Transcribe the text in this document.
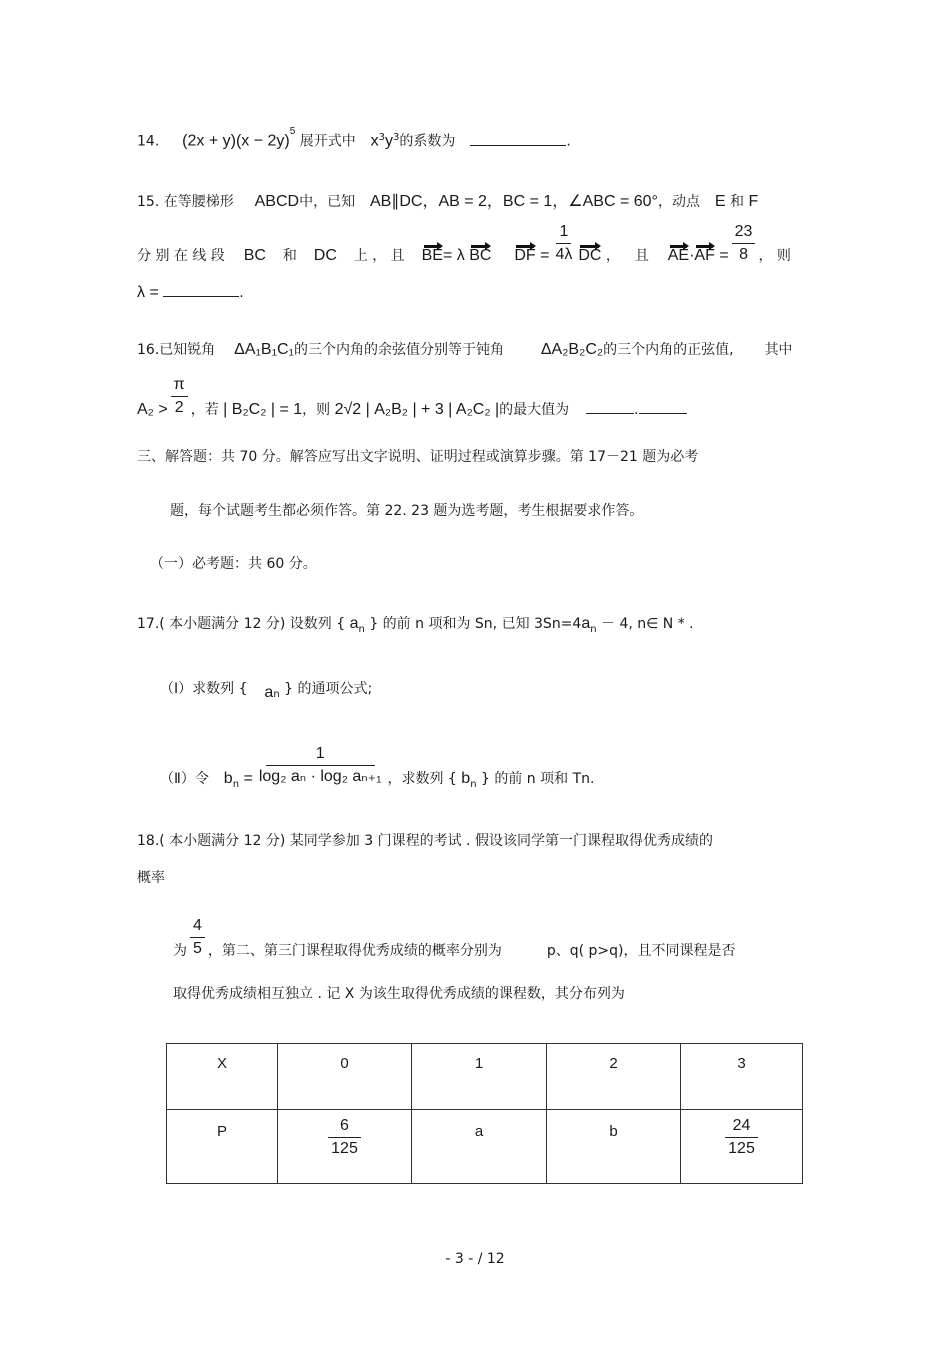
14. $(2x + y)(x - 2y)^5$ 展开式中 $x^3y^3$的系数为	.
15. 在等腰梯形 ABCD中，已知 AB∥DC，AB = 2，BC = 1，∠ABC = 60°，动点 E 和 F
分 别 在 线 段 BC 和 DC 上 ， 且 BE= λ BC DF = $\frac{1}{4\lambda}$ DC ， 且 $AE\cdot AF = \frac{23}{8}$ ， 则
λ =	.
16.已知锐角 ΔA₁B₁C₁的三个内角的余弦值分别等于钝角 ΔA₂B₂C₂的三个内角的正弦值, 其中
$A_2 > \frac{\pi}{2}$ ，若 | B₂C₂ | = 1，则 2√2 | A₂B₂ | + 3 | A₂C₂ |的最大值为	.
三、解答题：共 70 分。解答应写出文字说明、证明过程或演算步骤。第 17－21 题为必考
题，每个试题考生都必须作答。第 22. 23 题为选考题，考生根据要求作答。
（一）必考题：共 60 分。
17.( 本小题满分 12 分) 设数列 { $a_n$ } 的前 n 项和为 Sn, 已知 $3Sn=4a_n - 4$, n∈ N * .
（Ⅰ）求数列 { $a_n$ } 的通项公式;
（Ⅱ）令 $b_n = \frac{1}{\text{log₂ aₙ · log₂ aₙ₊₁}}$ ，求数列 { $b_n$ } 的前 n 项和 Tn.
18.( 本小题满分 12 分) 某同学参加 3 门课程的考试 . 假设该同学第一门课程取得优秀成绩的
概率
为 $\frac{4}{5}$ ，第二、第三门课程取得优秀成绩的概率分别为	p、q( p>q)，且不同课程是否
取得优秀成绩相互独立 . 记 X 为该生取得优秀成绩的课程数，其分布列为
X	0	1	2	3
P	$\frac{6}{125}$	a	b	$\frac{24}{125}$
- 3 - / 12
